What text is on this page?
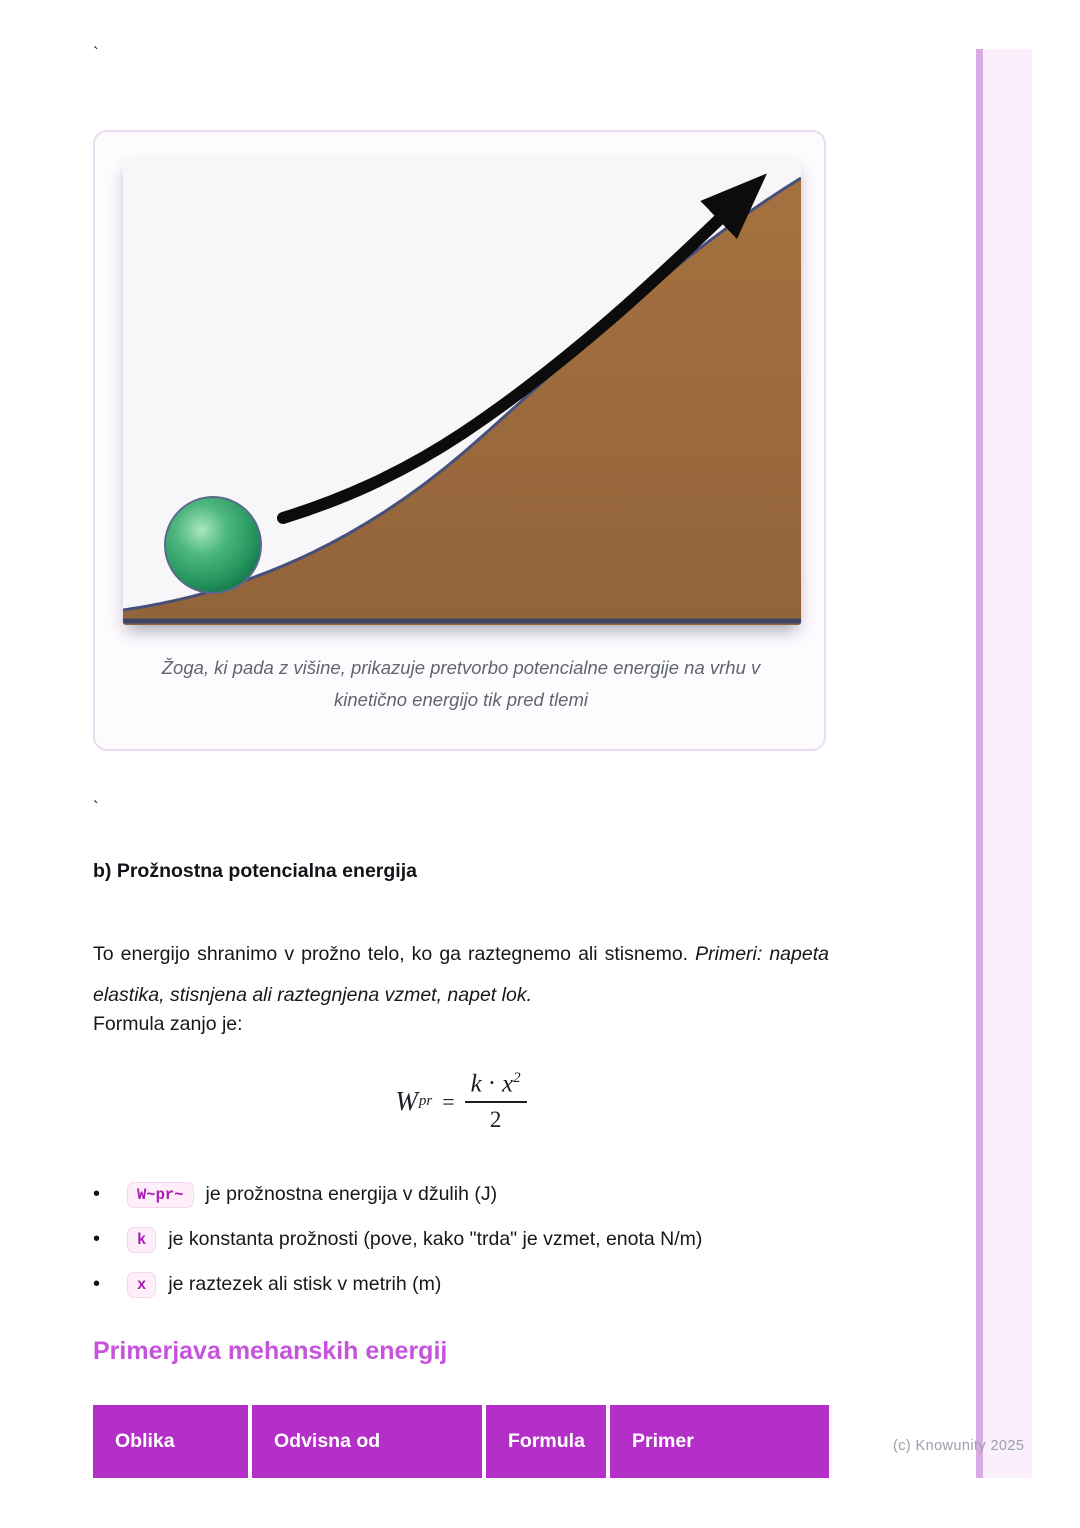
(c) Knowunity 2025
`
Žoga, ki pada z višine, prikazuje pretvorbo potencialne energije na vrhu v kinetično energijo tik pred tlemi
`
b) Prožnostna potencialna energija

To energijo shranimo v prožno telo, ko ga raztegnemo ali stisnemo. Primeri: napeta elastika, stisnjena ali raztegnjena vzmet, napet lok.

Formula zanjo je:
W pr = $\frac{k \cdot x^2}{2}$
•	W~pr~	je prožnostna energija v džulih (J)
•	k	je konstanta prožnosti (pove, kako "trda" je vzmet, enota N/m)
•	x	je raztezek ali stisk v metrih (m)
Primerjava mehanskih energij
Oblika	Odvisna od	Formula	Primer
